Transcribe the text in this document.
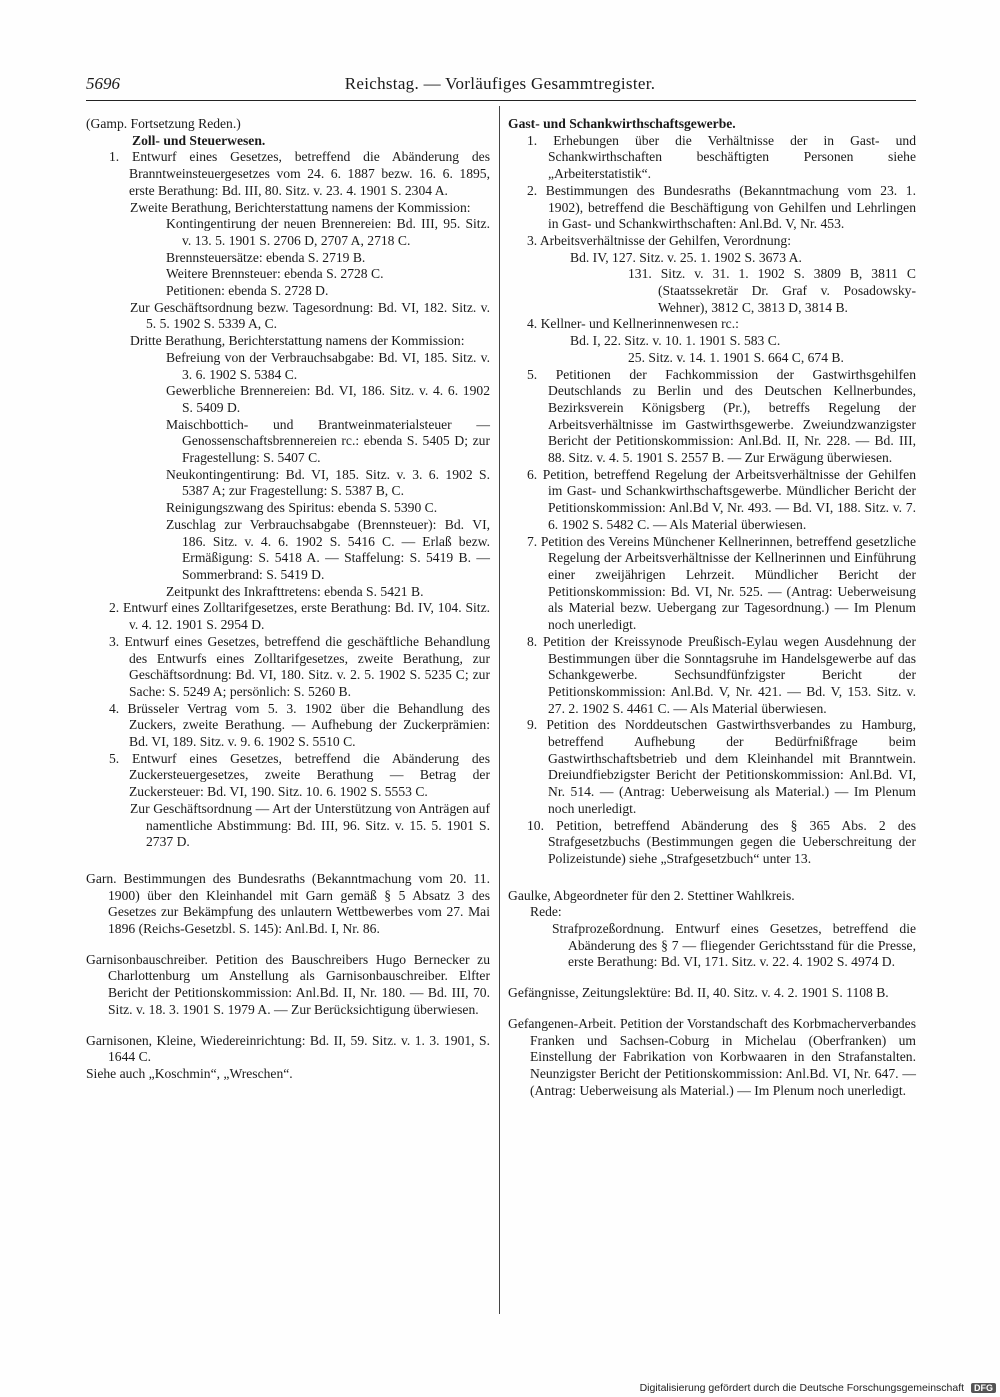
5696	Reichstag. — Vorläufiges Gesammtregister.

(Gamp. Fortsetzung Reden.)

Zoll- und Steuerwesen.

1. Entwurf eines Gesetzes, betreffend die Abänderung des Branntweinsteuergesetzes vom 24. 6. 1887 bezw. 16. 6. 1895, erste Berathung: Bd. III, 80. Sitz. v. 23. 4. 1901 S. 2304 A.

Zweite Berathung, Berichterstattung namens der Kommission:

Kontingentirung der neuen Brennereien: Bd. III, 95. Sitz. v. 13. 5. 1901 S. 2706 D, 2707 A, 2718 C.

Brennsteuersätze: ebenda S. 2719 B.

Weitere Brennsteuer: ebenda S. 2728 C.

Petitionen: ebenda S. 2728 D.

Zur Geschäftsordnung bezw. Tagesordnung: Bd. VI, 182. Sitz. v. 5. 5. 1902 S. 5339 A, C.

Dritte Berathung, Berichterstattung namens der Kommission:

Befreiung von der Verbrauchsabgabe: Bd. VI, 185. Sitz. v. 3. 6. 1902 S. 5384 C.

Gewerbliche Brennereien: Bd. VI, 186. Sitz. v. 4. 6. 1902 S. 5409 D.

Maischbottich- und Brantweinmaterialsteuer — Genossenschaftsbrennereien rc.: ebenda S. 5405 D; zur Fragestellung: S. 5407 C.

Neukontingentirung: Bd. VI, 185. Sitz. v. 3. 6. 1902 S. 5387 A; zur Fragestellung: S. 5387 B, C.

Reinigungszwang des Spiritus: ebenda S. 5390 C.

Zuschlag zur Verbrauchsabgabe (Brennsteuer): Bd. VI, 186. Sitz. v. 4. 6. 1902 S. 5416 C. — Erlaß bezw. Ermäßigung: S. 5418 A. — Staffelung: S. 5419 B. — Sommerbrand: S. 5419 D.

Zeitpunkt des Inkrafttretens: ebenda S. 5421 B.

2. Entwurf eines Zolltarifgesetzes, erste Berathung: Bd. IV, 104. Sitz. v. 4. 12. 1901 S. 2954 D.

3. Entwurf eines Gesetzes, betreffend die geschäftliche Behandlung des Entwurfs eines Zolltarifgesetzes, zweite Berathung, zur Geschäftsordnung: Bd. VI, 180. Sitz. v. 2. 5. 1902 S. 5235 C; zur Sache: S. 5249 A; persönlich: S. 5260 B.

4. Brüsseler Vertrag vom 5. 3. 1902 über die Behandlung des Zuckers, zweite Berathung. — Aufhebung der Zuckerprämien: Bd. VI, 189. Sitz. v. 9. 6. 1902 S. 5510 C.

5. Entwurf eines Gesetzes, betreffend die Abänderung des Zuckersteuergesetzes, zweite Berathung — Betrag der Zuckersteuer: Bd. VI, 190. Sitz. 10. 6. 1902 S. 5553 C.

Zur Geschäftsordnung — Art der Unterstützung von Anträgen auf namentliche Abstimmung: Bd. III, 96. Sitz. v. 15. 5. 1901 S. 2737 D.

Garn. Bestimmungen des Bundesraths (Bekanntmachung vom 20. 11. 1900) über den Kleinhandel mit Garn gemäß § 5 Absatz 3 des Gesetzes zur Bekämpfung des unlautern Wettbewerbes vom 27. Mai 1896 (Reichs-Gesetzbl. S. 145): Anl.Bd. I, Nr. 86.

Garnisonbauschreiber. Petition des Bauschreibers Hugo Bernecker zu Charlottenburg um Anstellung als Garnisonbauschreiber. Elfter Bericht der Petitionskommission: Anl.Bd. II, Nr. 180. — Bd. III, 70. Sitz. v. 18. 3. 1901 S. 1979 A. — Zur Berücksichtigung überwiesen.

Garnisonen, Kleine, Wiedereinrichtung: Bd. II, 59. Sitz. v. 1. 3. 1901, S. 1644 C.

Siehe auch „Koschmin“, „Wreschen“.

Gast- und Schankwirthschaftsgewerbe.

1. Erhebungen über die Verhältnisse der in Gast- und Schankwirthschaften beschäftigten Personen siehe „Arbeiterstatistik“.

2. Bestimmungen des Bundesraths (Bekanntmachung vom 23. 1. 1902), betreffend die Beschäftigung von Gehilfen und Lehrlingen in Gast- und Schankwirthschaften: Anl.Bd. V, Nr. 453.

3. Arbeitsverhältnisse der Gehilfen, Verordnung:

Bd. IV, 127. Sitz. v. 25. 1. 1902 S. 3673 A.

131. Sitz. v. 31. 1. 1902 S. 3809 B, 3811 C (Staatssekretär Dr. Graf v. Posadowsky-Wehner), 3812 C, 3813 D, 3814 B.

4. Kellner- und Kellnerinnenwesen rc.:

Bd. I, 22. Sitz. v. 10. 1. 1901 S. 583 C.

25. Sitz. v. 14. 1. 1901 S. 664 C, 674 B.

5. Petitionen der Fachkommission der Gastwirthsgehilfen Deutschlands zu Berlin und des Deutschen Kellnerbundes, Bezirksverein Königsberg (Pr.), betreffs Regelung der Arbeitsverhältnisse im Gastwirthsgewerbe. Zweiundzwanzigster Bericht der Petitionskommission: Anl.Bd. II, Nr. 228. — Bd. III, 88. Sitz. v. 4. 5. 1901 S. 2557 B. — Zur Erwägung überwiesen.

6. Petition, betreffend Regelung der Arbeitsverhältnisse der Gehilfen im Gast- und Schankwirthschaftsgewerbe. Mündlicher Bericht der Petitionskommission: Anl.Bd V, Nr. 493. — Bd. VI, 188. Sitz. v. 7. 6. 1902 S. 5482 C. — Als Material überwiesen.

7. Petition des Vereins Münchener Kellnerinnen, betreffend gesetzliche Regelung der Arbeitsverhältnisse der Kellnerinnen und Einführung einer zweijährigen Lehrzeit. Mündlicher Bericht der Petitionskommission: Bd. VI, Nr. 525. — (Antrag: Ueberweisung als Material bezw. Uebergang zur Tagesordnung.) — Im Plenum noch unerledigt.

8. Petition der Kreissynode Preußisch-Eylau wegen Ausdehnung der Bestimmungen über die Sonntagsruhe im Handelsgewerbe auf das Schankgewerbe. Sechsundfünfzigster Bericht der Petitionskommission: Anl.Bd. V, Nr. 421. — Bd. V, 153. Sitz. v. 27. 2. 1902 S. 4461 C. — Als Material überwiesen.

9. Petition des Norddeutschen Gastwirthsverbandes zu Hamburg, betreffend Aufhebung der Bedürfnißfrage beim Gastwirthschaftsbetrieb und dem Kleinhandel mit Branntwein. Dreiundfiebzigster Bericht der Petitionskommission: Anl.Bd. VI, Nr. 514. — (Antrag: Ueberweisung als Material.) — Im Plenum noch unerledigt.

10. Petition, betreffend Abänderung des § 365 Abs. 2 des Strafgesetzbuchs (Bestimmungen gegen die Ueberschreitung der Polizeistunde) siehe „Strafgesetzbuch“ unter 13.

Gaulke, Abgeordneter für den 2. Stettiner Wahlkreis.

Rede:

Strafprozeßordnung. Entwurf eines Gesetzes, betreffend die Abänderung des § 7 — fliegender Gerichtsstand für die Presse, erste Berathung: Bd. VI, 171. Sitz. v. 22. 4. 1902 S. 4974 D.

Gefängnisse, Zeitungslektüre: Bd. II, 40. Sitz. v. 4. 2. 1901 S. 1108 B.

Gefangenen-Arbeit. Petition der Vorstandschaft des Korbmacherverbandes Franken und Sachsen-Coburg in Michelau (Oberfranken) um Einstellung der Fabrikation von Korbwaaren in den Strafanstalten. Neunzigster Bericht der Petitionskommission: Anl.Bd. VI, Nr. 647. — (Antrag: Ueberweisung als Material.) — Im Plenum noch unerledigt.

Digitalisierung gefördert durch die Deutsche Forschungsgemeinschaft DFG
